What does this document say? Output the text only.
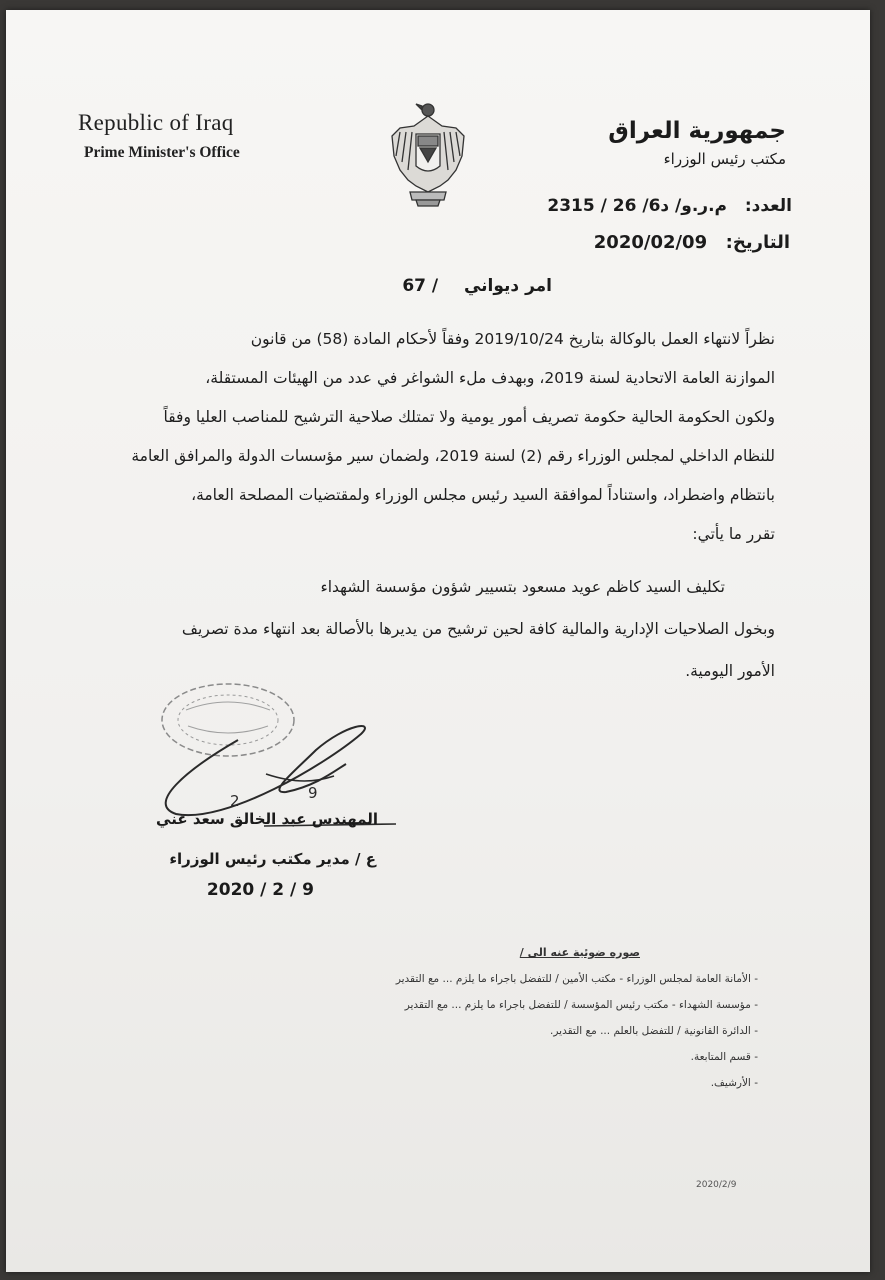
Republic of Iraq
Prime Minister's Office
جمهورية العراق
مكتب رئيس الوزراء
العدد:  م.ر.و/ د6/ 26 / 2315
التاريخ:  2020/02/09
امر ديواني  / 67
نظراً لانتهاء العمل بالوكالة بتاريخ 2019/10/24 وفقاً لأحكام المادة (58) من قانون
الموازنة العامة الاتحادية لسنة 2019، وبهدف ملء الشواغر في عدد من الهيئات المستقلة،
ولكون الحكومة الحالية حكومة تصريف أمور يومية ولا تمتلك صلاحية الترشيح للمناصب العليا وفقاً
للنظام الداخلي لمجلس الوزراء رقم (2) لسنة 2019، ولضمان سير مؤسسات الدولة والمرافق العامة
بانتظام واضطراد، واستناداً لموافقة السيد رئيس مجلس الوزراء ولمقتضيات المصلحة العامة،
تقرر ما يأتي:
تكليف السيد كاظم عويد مسعود بتسيير شؤون مؤسسة الشهداء
وبخول الصلاحيات الإدارية والمالية كافة لحين ترشيح من يديرها بالأصالة بعد انتهاء مدة تصريف
الأمور اليومية.
2	9
المهندس عبد الخالق سعد غني
ع / مدير مكتب رئيس الوزراء
2020 / 2 / 9
صوره ضوئية عنه الى /
- الأمانة العامة لمجلس الوزراء - مكتب الأمين / للتفضل باجراء ما يلزم ... مع التقدير
- مؤسسة الشهداء - مكتب رئيس المؤسسة / للتفضل باجراء ما يلزم ... مع التقدير
- الدائرة القانونية / للتفضل بالعلم ... مع التقدير.
- قسم المتابعة.
- الأرشيف.
2020/2/9
